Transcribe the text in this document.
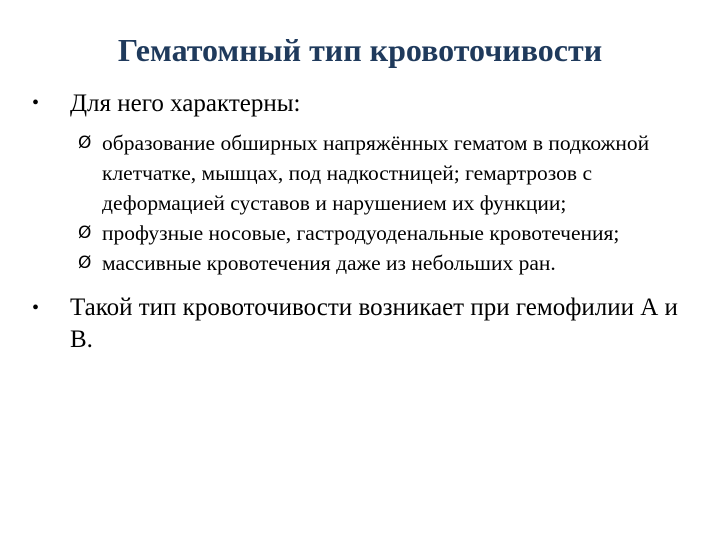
Гематомный тип кровоточивости
•	Для него характерны:
Ø образование обширных напряжённых гематом в подкожной клетчатке, мышцах, под надкостницей; гемартрозов с деформацией суставов и нарушением их функции;
Ø профузные носовые, гастродуоденальные кровотечения;
Ø массивные кровотечения даже из небольших ран.
•	Такой тип кровоточивости возникает при гемофилии А и В.
